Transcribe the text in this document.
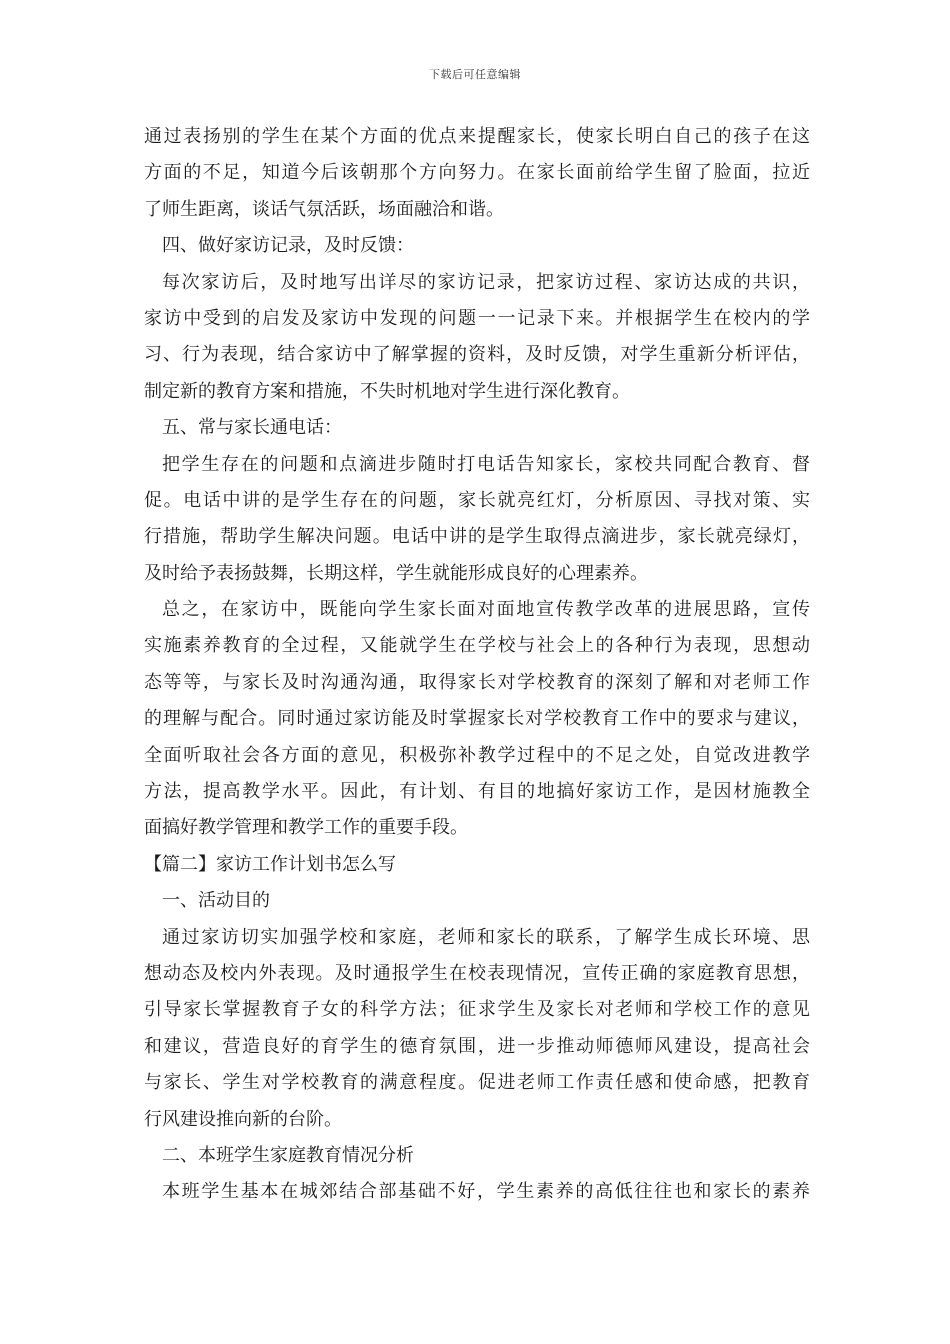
下载后可任意编辑
通过表扬别的学生在某个方面的优点来提醒家长，使家长明白自己的孩子在这
方面的不足，知道今后该朝那个方向努力。在家长面前给学生留了脸面，拉近
了师生距离，谈话气氛活跃，场面融洽和谐。
四、做好家访记录，及时反馈：
每次家访后，及时地写出详尽的家访记录，把家访过程、家访达成的共识，
家访中受到的启发及家访中发现的问题一一记录下来。并根据学生在校内的学
习、行为表现，结合家访中了解掌握的资料，及时反馈，对学生重新分析评估，
制定新的教育方案和措施，不失时机地对学生进行深化教育。
五、常与家长通电话：
把学生存在的问题和点滴进步随时打电话告知家长，家校共同配合教育、督
促。电话中讲的是学生存在的问题，家长就亮红灯，分析原因、寻找对策、实
行措施，帮助学生解决问题。电话中讲的是学生取得点滴进步，家长就亮绿灯，
及时给予表扬鼓舞，长期这样，学生就能形成良好的心理素养。
总之，在家访中，既能向学生家长面对面地宣传教学改革的进展思路，宣传
实施素养教育的全过程，又能就学生在学校与社会上的各种行为表现，思想动
态等等，与家长及时沟通沟通，取得家长对学校教育的深刻了解和对老师工作
的理解与配合。同时通过家访能及时掌握家长对学校教育工作中的要求与建议，
全面听取社会各方面的意见，积极弥补教学过程中的不足之处，自觉改进教学
方法，提高教学水平。因此，有计划、有目的地搞好家访工作，是因材施教全
面搞好教学管理和教学工作的重要手段。
【篇二】家访工作计划书怎么写
一、活动目的
通过家访切实加强学校和家庭，老师和家长的联系，了解学生成长环境、思
想动态及校内外表现。及时通报学生在校表现情况，宣传正确的家庭教育思想，
引导家长掌握教育子女的科学方法；征求学生及家长对老师和学校工作的意见
和建议，营造良好的育学生的德育氛围，进一步推动师德师风建设，提高社会
与家长、学生对学校教育的满意程度。促进老师工作责任感和使命感，把教育
行风建设推向新的台阶。
二、本班学生家庭教育情况分析
本班学生基本在城郊结合部基础不好，学生素养的高低往往也和家长的素养
